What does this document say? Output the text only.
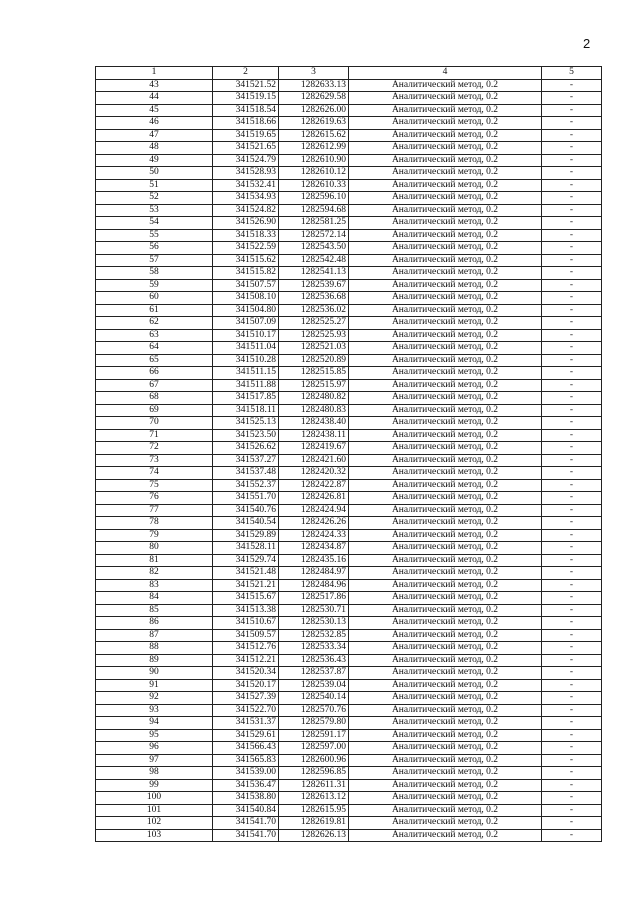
2
1	2	3	4	5
43	341521.52	1282633.13	Аналитический метод, 0.2	-
44	341519.15	1282629.58	Аналитический метод, 0.2	-
45	341518.54	1282626.00	Аналитический метод, 0.2	-
46	341518.66	1282619.63	Аналитический метод, 0.2	-
47	341519.65	1282615.62	Аналитический метод, 0.2	-
48	341521.65	1282612.99	Аналитический метод, 0.2	-
49	341524.79	1282610.90	Аналитический метод, 0.2	-
50	341528.93	1282610.12	Аналитический метод, 0.2	-
51	341532.41	1282610.33	Аналитический метод, 0.2	-
52	341534.93	1282596.10	Аналитический метод, 0.2	-
53	341524.82	1282594.68	Аналитический метод, 0.2	-
54	341526.90	1282581.25	Аналитический метод, 0.2	-
55	341518.33	1282572.14	Аналитический метод, 0.2	-
56	341522.59	1282543.50	Аналитический метод, 0.2	-
57	341515.62	1282542.48	Аналитический метод, 0.2	-
58	341515.82	1282541.13	Аналитический метод, 0.2	-
59	341507.57	1282539.67	Аналитический метод, 0.2	-
60	341508.10	1282536.68	Аналитический метод, 0.2	-
61	341504.80	1282536.02	Аналитический метод, 0.2	-
62	341507.09	1282525.27	Аналитический метод, 0.2	-
63	341510.17	1282525.93	Аналитический метод, 0.2	-
64	341511.04	1282521.03	Аналитический метод, 0.2	-
65	341510.28	1282520.89	Аналитический метод, 0.2	-
66	341511.15	1282515.85	Аналитический метод, 0.2	-
67	341511.88	1282515.97	Аналитический метод, 0.2	-
68	341517.85	1282480.82	Аналитический метод, 0.2	-
69	341518.11	1282480.83	Аналитический метод, 0.2	-
70	341525.13	1282438.40	Аналитический метод, 0.2	-
71	341523.50	1282438.11	Аналитический метод, 0.2	-
72	341526.62	1282419.67	Аналитический метод, 0.2	-
73	341537.27	1282421.60	Аналитический метод, 0.2	-
74	341537.48	1282420.32	Аналитический метод, 0.2	-
75	341552.37	1282422.87	Аналитический метод, 0.2	-
76	341551.70	1282426.81	Аналитический метод, 0.2	-
77	341540.76	1282424.94	Аналитический метод, 0.2	-
78	341540.54	1282426.26	Аналитический метод, 0.2	-
79	341529.89	1282424.33	Аналитический метод, 0.2	-
80	341528.11	1282434.87	Аналитический метод, 0.2	-
81	341529.74	1282435.16	Аналитический метод, 0.2	-
82	341521.48	1282484.97	Аналитический метод, 0.2	-
83	341521.21	1282484.96	Аналитический метод, 0.2	-
84	341515.67	1282517.86	Аналитический метод, 0.2	-
85	341513.38	1282530.71	Аналитический метод, 0.2	-
86	341510.67	1282530.13	Аналитический метод, 0.2	-
87	341509.57	1282532.85	Аналитический метод, 0.2	-
88	341512.76	1282533.34	Аналитический метод, 0.2	-
89	341512.21	1282536.43	Аналитический метод, 0.2	-
90	341520.34	1282537.87	Аналитический метод, 0.2	-
91	341520.17	1282539.04	Аналитический метод, 0.2	-
92	341527.39	1282540.14	Аналитический метод, 0.2	-
93	341522.70	1282570.76	Аналитический метод, 0.2	-
94	341531.37	1282579.80	Аналитический метод, 0.2	-
95	341529.61	1282591.17	Аналитический метод, 0.2	-
96	341566.43	1282597.00	Аналитический метод, 0.2	-
97	341565.83	1282600.96	Аналитический метод, 0.2	-
98	341539.00	1282596.85	Аналитический метод, 0.2	-
99	341536.47	1282611.31	Аналитический метод, 0.2	-
100	341538.80	1282613.12	Аналитический метод, 0.2	-
101	341540.84	1282615.95	Аналитический метод, 0.2	-
102	341541.70	1282619.81	Аналитический метод, 0.2	-
103	341541.70	1282626.13	Аналитический метод, 0.2	-
